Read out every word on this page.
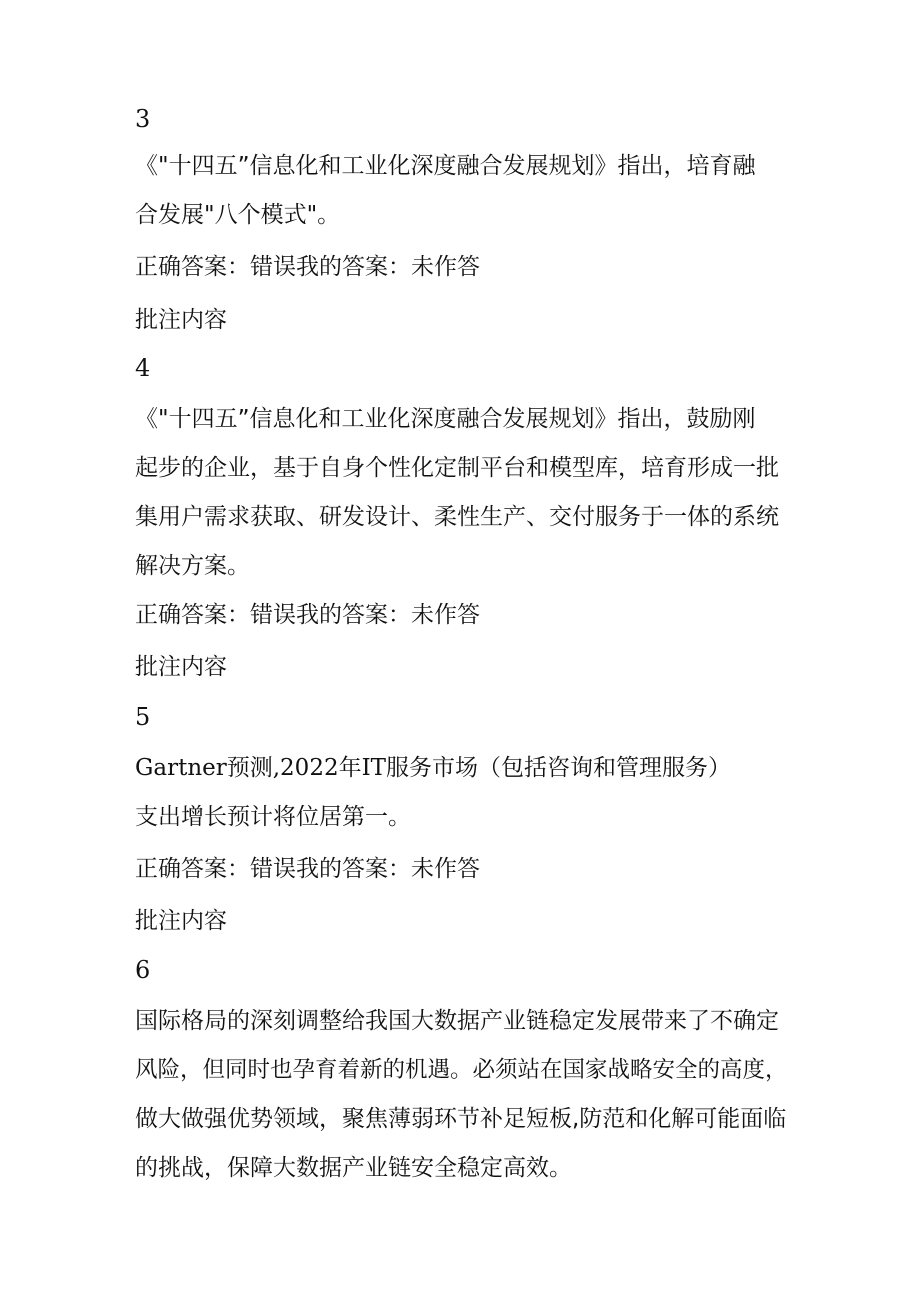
3
《"十四五”信息化和工业化深度融合发展规划》指出，培育融
合发展"八个模式"。
正确答案：错误我的答案：未作答
批注内容
4
《"十四五”信息化和工业化深度融合发展规划》指出，鼓励刚
起步的企业，基于自身个性化定制平台和模型库，培育形成一批
集用户需求获取、研发设计、柔性生产、交付服务于一体的系统
解决方案。
正确答案：错误我的答案：未作答
批注内容
5
Gartner预测,2022年IT服务市场（包括咨询和管理服务）
支出增长预计将位居第一。
正确答案：错误我的答案：未作答
批注内容
6
国际格局的深刻调整给我国大数据产业链稳定发展带来了不确定
风险，但同时也孕育着新的机遇。必须站在国家战略安全的高度，
做大做强优势领域，聚焦薄弱环节补足短板,防范和化解可能面临
的挑战，保障大数据产业链安全稳定高效。
